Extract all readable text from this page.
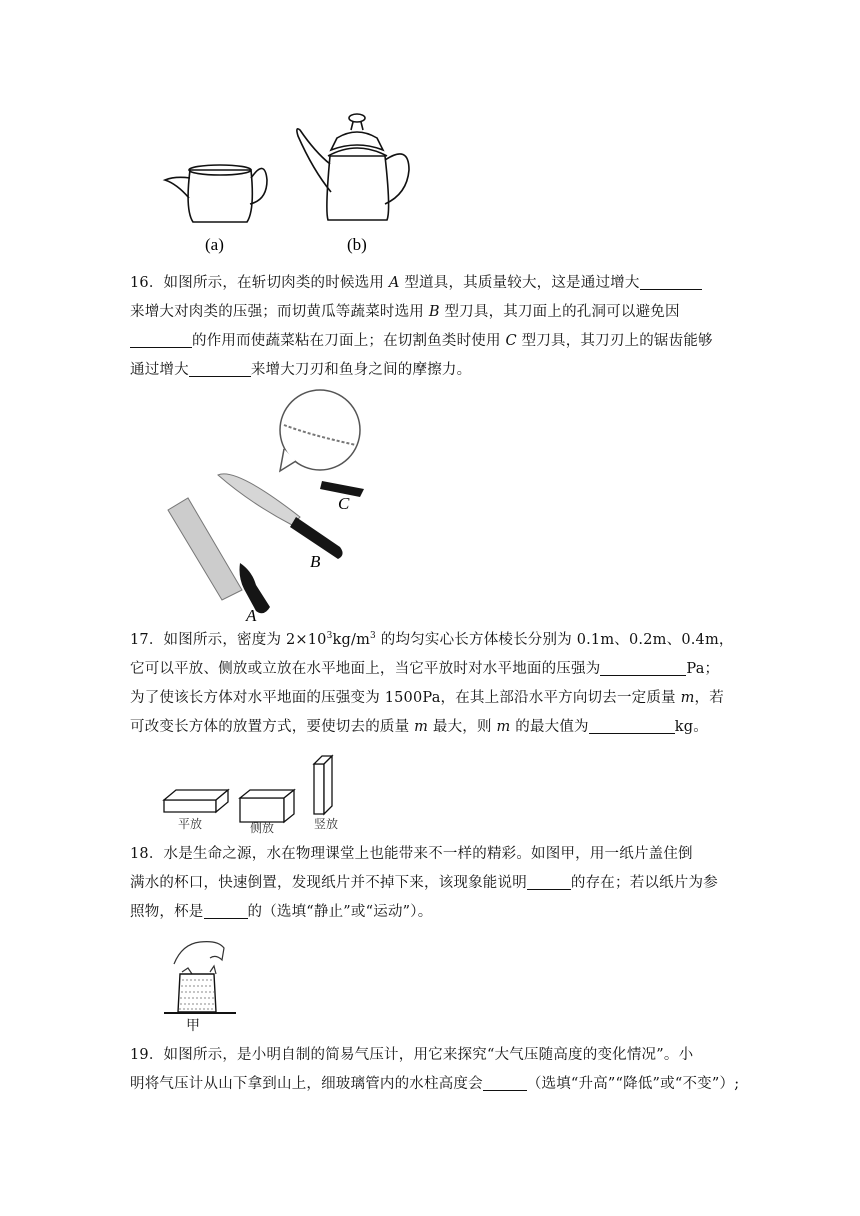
(a)	(b)

16．如图所示，在斩切肉类的时候选用 A 型道具，其质量较大，这是通过增大

来增大对肉类的压强；而切黄瓜等蔬菜时选用 B 型刀具，其刀面上的孔洞可以避免因

的作用而使蔬菜粘在刀面上；在切割鱼类时使用 C 型刀具，其刀刃上的锯齿能够

通过增大	来增大刀刃和鱼身之间的摩擦力。

A
B
C

17．如图所示，密度为 $2\times 10^3kg/m^3$ 的均匀实心长方体棱长分别为 0.1m、0.2m、0.4m，

它可以平放、侧放或立放在水平地面上，当它平放时对水平地面的压强为	Pa；

为了使该长方体对水平地面的压强变为 1500Pa，在其上部沿水平方向切去一定质量 m，若

可改变长方体的放置方式，要使切去的质量 m 最大，则 m 的最大值为	kg。

平放	侧放	竖放

18．水是生命之源，水在物理课堂上也能带来不一样的精彩。如图甲，用一纸片盖住倒

满水的杯口，快速倒置，发现纸片并不掉下来，该现象能说明	的存在；若以纸片为参

照物，杯是	的（选填“静止”或“运动”）。

甲

19．如图所示，是小明自制的简易气压计，用它来探究“大气压随高度的变化情况”。小

明将气压计从山下拿到山上，细玻璃管内的水柱高度会	（选填“升高”“降低”或“不变”）;
